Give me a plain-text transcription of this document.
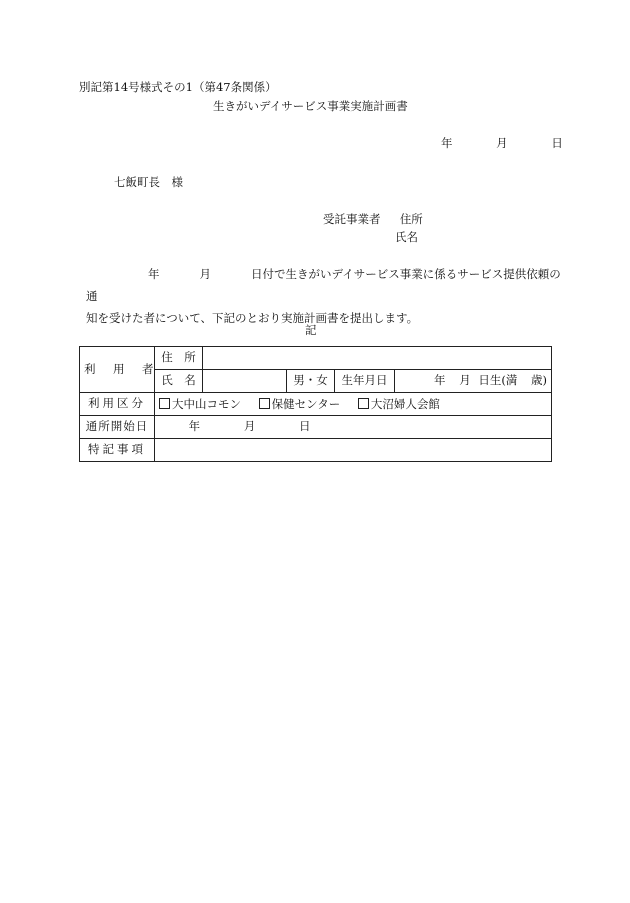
別記第14号様式その1（第47条関係）
生きがいデイサービス事業実施計画書
年	月	日
七飯町長　様
受託事業者 住所
氏名
年	月	日付で生きがいデイサービス事業に係るサービス提供依頼の通
知を受けた者について、下記のとおり実施計画書を提出します。
記
利　用　者	住　所				
	氏　名		男・女	生年月日	年 月 日生(満 歳)
利用区分	大中山コモン 保健センター 大沼婦人会館				
通所開始日	年 月 日				
特記事項					
